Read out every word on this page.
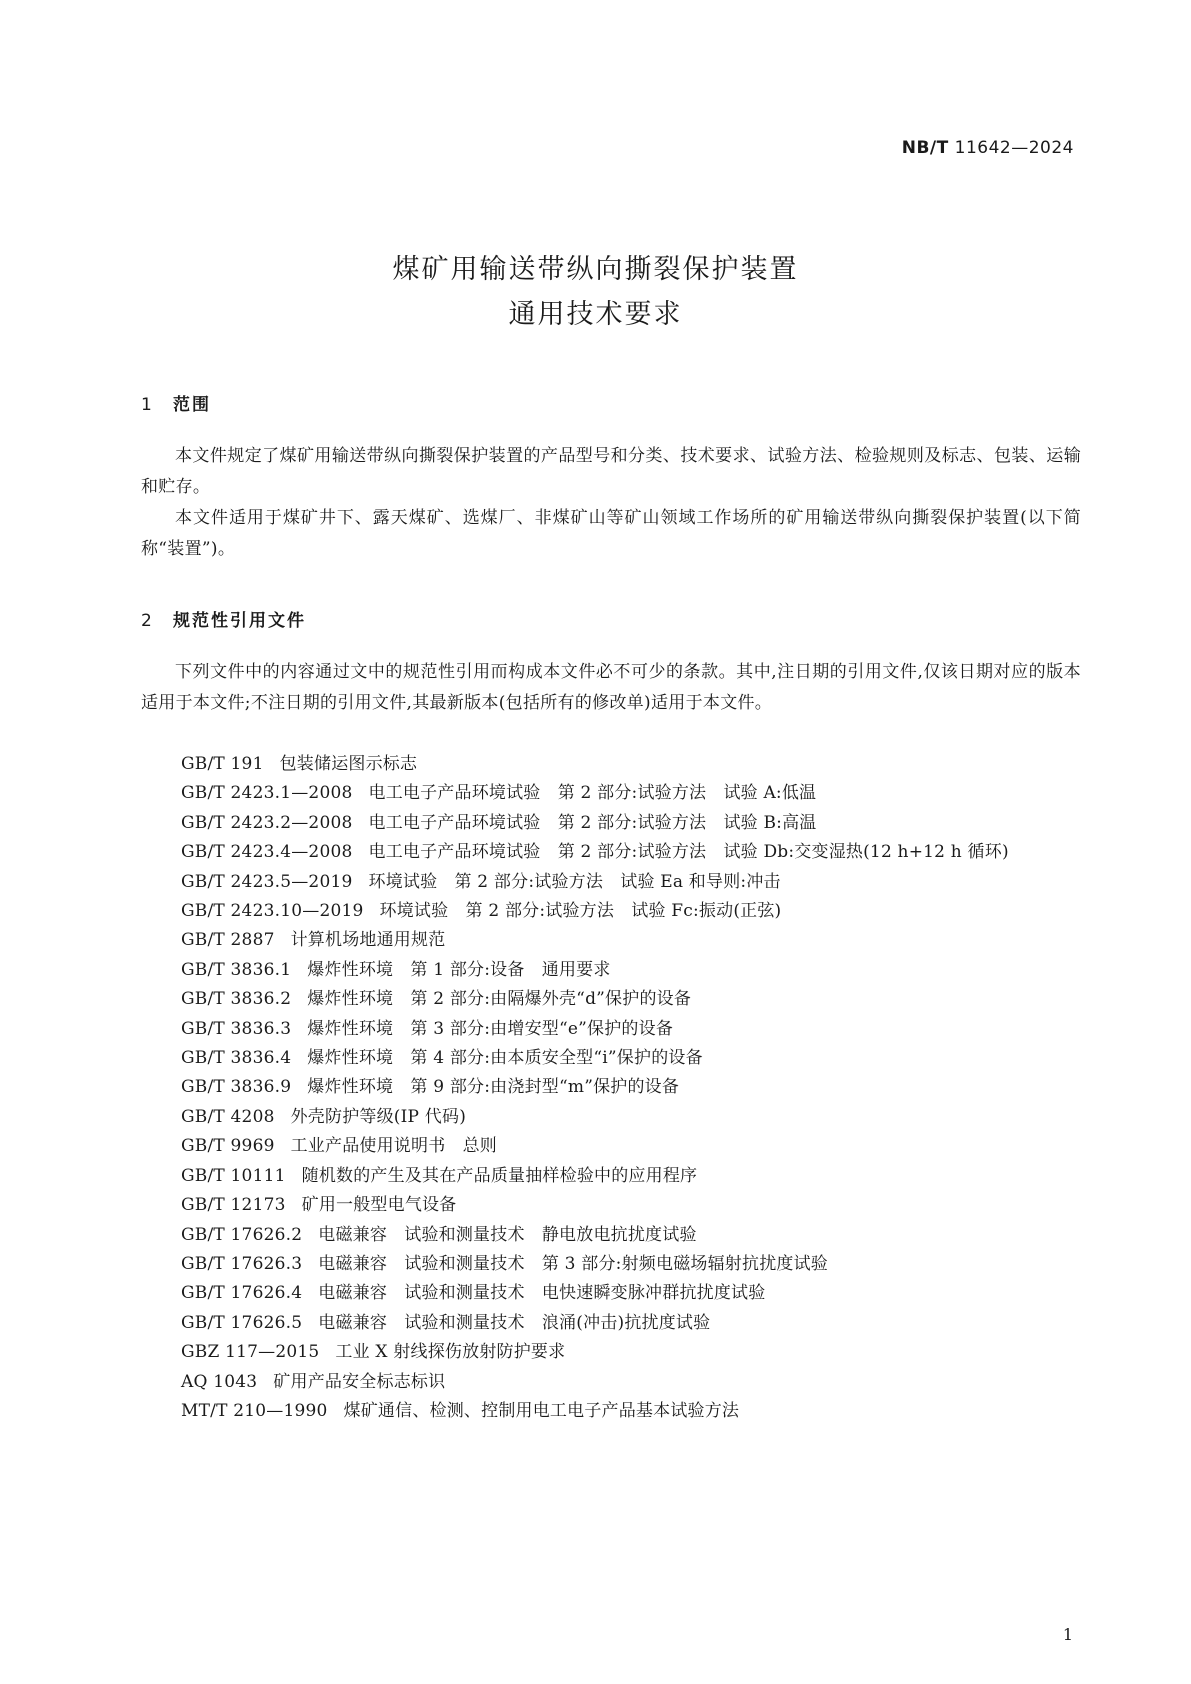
NB/T 11642—2024
煤矿用输送带纵向撕裂保护装置
通用技术要求
1 范围
本文件规定了煤矿用输送带纵向撕裂保护装置的产品型号和分类、技术要求、试验方法、检验规则及标志、包装、运输和贮存。
本文件适用于煤矿井下、露天煤矿、选煤厂、非煤矿山等矿山领域工作场所的矿用输送带纵向撕裂保护装置(以下简称“装置”)。
2 规范性引用文件
下列文件中的内容通过文中的规范性引用而构成本文件必不可少的条款。其中,注日期的引用文件,仅该日期对应的版本适用于本文件;不注日期的引用文件,其最新版本(包括所有的修改单)适用于本文件。
GB/T 191 包装储运图示标志
GB/T 2423.1—2008 电工电子产品环境试验　第 2 部分:试验方法　试验 A:低温
GB/T 2423.2—2008 电工电子产品环境试验　第 2 部分:试验方法　试验 B:高温
GB/T 2423.4—2008 电工电子产品环境试验　第 2 部分:试验方法　试验 Db:交变湿热(12 h+12 h 循环)
GB/T 2423.5—2019 环境试验　第 2 部分:试验方法　试验 Ea 和导则:冲击
GB/T 2423.10—2019 环境试验　第 2 部分:试验方法　试验 Fc:振动(正弦)
GB/T 2887 计算机场地通用规范
GB/T 3836.1 爆炸性环境　第 1 部分:设备　通用要求
GB/T 3836.2 爆炸性环境　第 2 部分:由隔爆外壳“d”保护的设备
GB/T 3836.3 爆炸性环境　第 3 部分:由增安型“e”保护的设备
GB/T 3836.4 爆炸性环境　第 4 部分:由本质安全型“i”保护的设备
GB/T 3836.9 爆炸性环境　第 9 部分:由浇封型“m”保护的设备
GB/T 4208 外壳防护等级(IP 代码)
GB/T 9969 工业产品使用说明书　总则
GB/T 10111 随机数的产生及其在产品质量抽样检验中的应用程序
GB/T 12173 矿用一般型电气设备
GB/T 17626.2 电磁兼容　试验和测量技术　静电放电抗扰度试验
GB/T 17626.3 电磁兼容　试验和测量技术　第 3 部分:射频电磁场辐射抗扰度试验
GB/T 17626.4 电磁兼容　试验和测量技术　电快速瞬变脉冲群抗扰度试验
GB/T 17626.5 电磁兼容　试验和测量技术　浪涌(冲击)抗扰度试验
GBZ 117—2015 工业 X 射线探伤放射防护要求
AQ 1043 矿用产品安全标志标识
MT/T 210—1990 煤矿通信、检测、控制用电工电子产品基本试验方法
1
